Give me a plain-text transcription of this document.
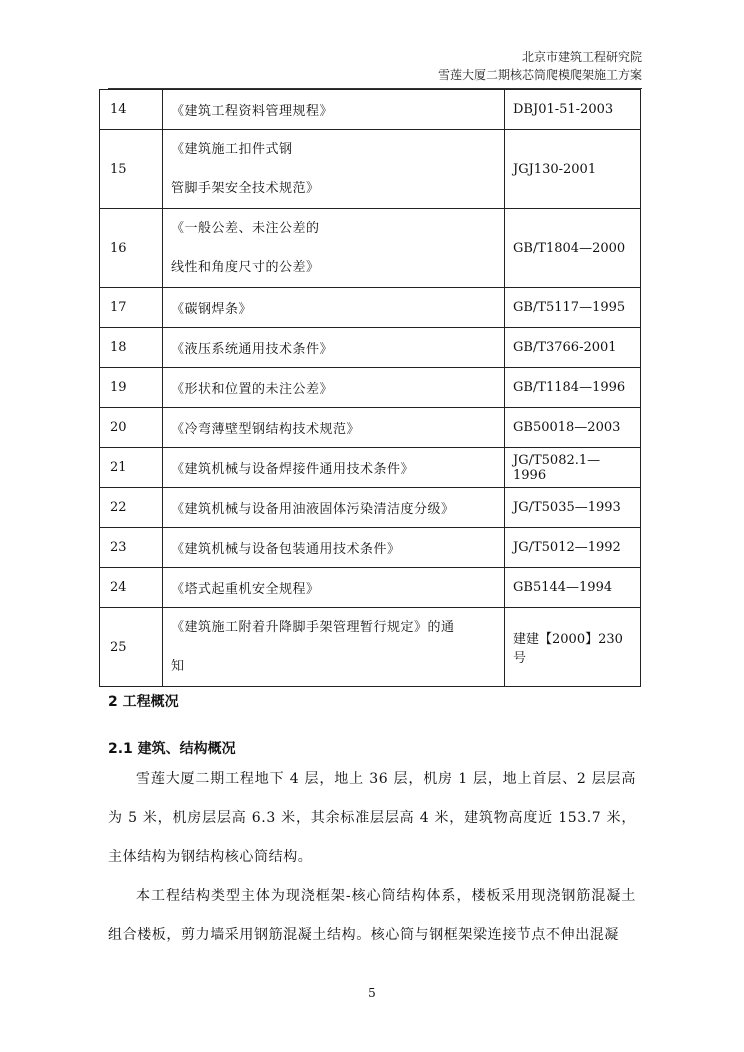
北京市建筑工程研究院
雪莲大厦二期核芯筒爬模爬架施工方案
14	《建筑工程资料管理规程》	DBJ01-51-2003
15	《建筑施工扣件式钢
管脚手架安全技术规范》	JGJ130-2001
16	《一般公差、未注公差的
线性和角度尺寸的公差》	GB/T1804—2000
17	《碳钢焊条》	GB/T5117—1995
18	《液压系统通用技术条件》	GB/T3766-2001
19	《形状和位置的未注公差》	GB/T1184—1996
20	《冷弯薄壁型钢结构技术规范》	GB50018—2003
21	《建筑机械与设备焊接件通用技术条件》	JG/T5082.1—1996
22	《建筑机械与设备用油液固体污染清洁度分级》	JG/T5035—1993
23	《建筑机械与设备包装通用技术条件》	JG/T5012—1992
24	《塔式起重机安全规程》	GB5144—1994
25	《建筑施工附着升降脚手架管理暂行规定》的通
知	建建【2000】230 号
2 工程概况
2.1 建筑、结构概况
雪莲大厦二期工程地下 4 层，地上 36 层，机房 1 层，地上首层、2 层层高为 5 米，机房层层高 6.3 米，其余标准层层高 4 米，建筑物高度近 153.7 米，主体结构为钢结构核心筒结构。
本工程结构类型主体为现浇框架-核心筒结构体系，楼板采用现浇钢筋混凝土组合楼板，剪力墙采用钢筋混凝土结构。核心筒与钢框架梁连接节点不伸出混凝
5
